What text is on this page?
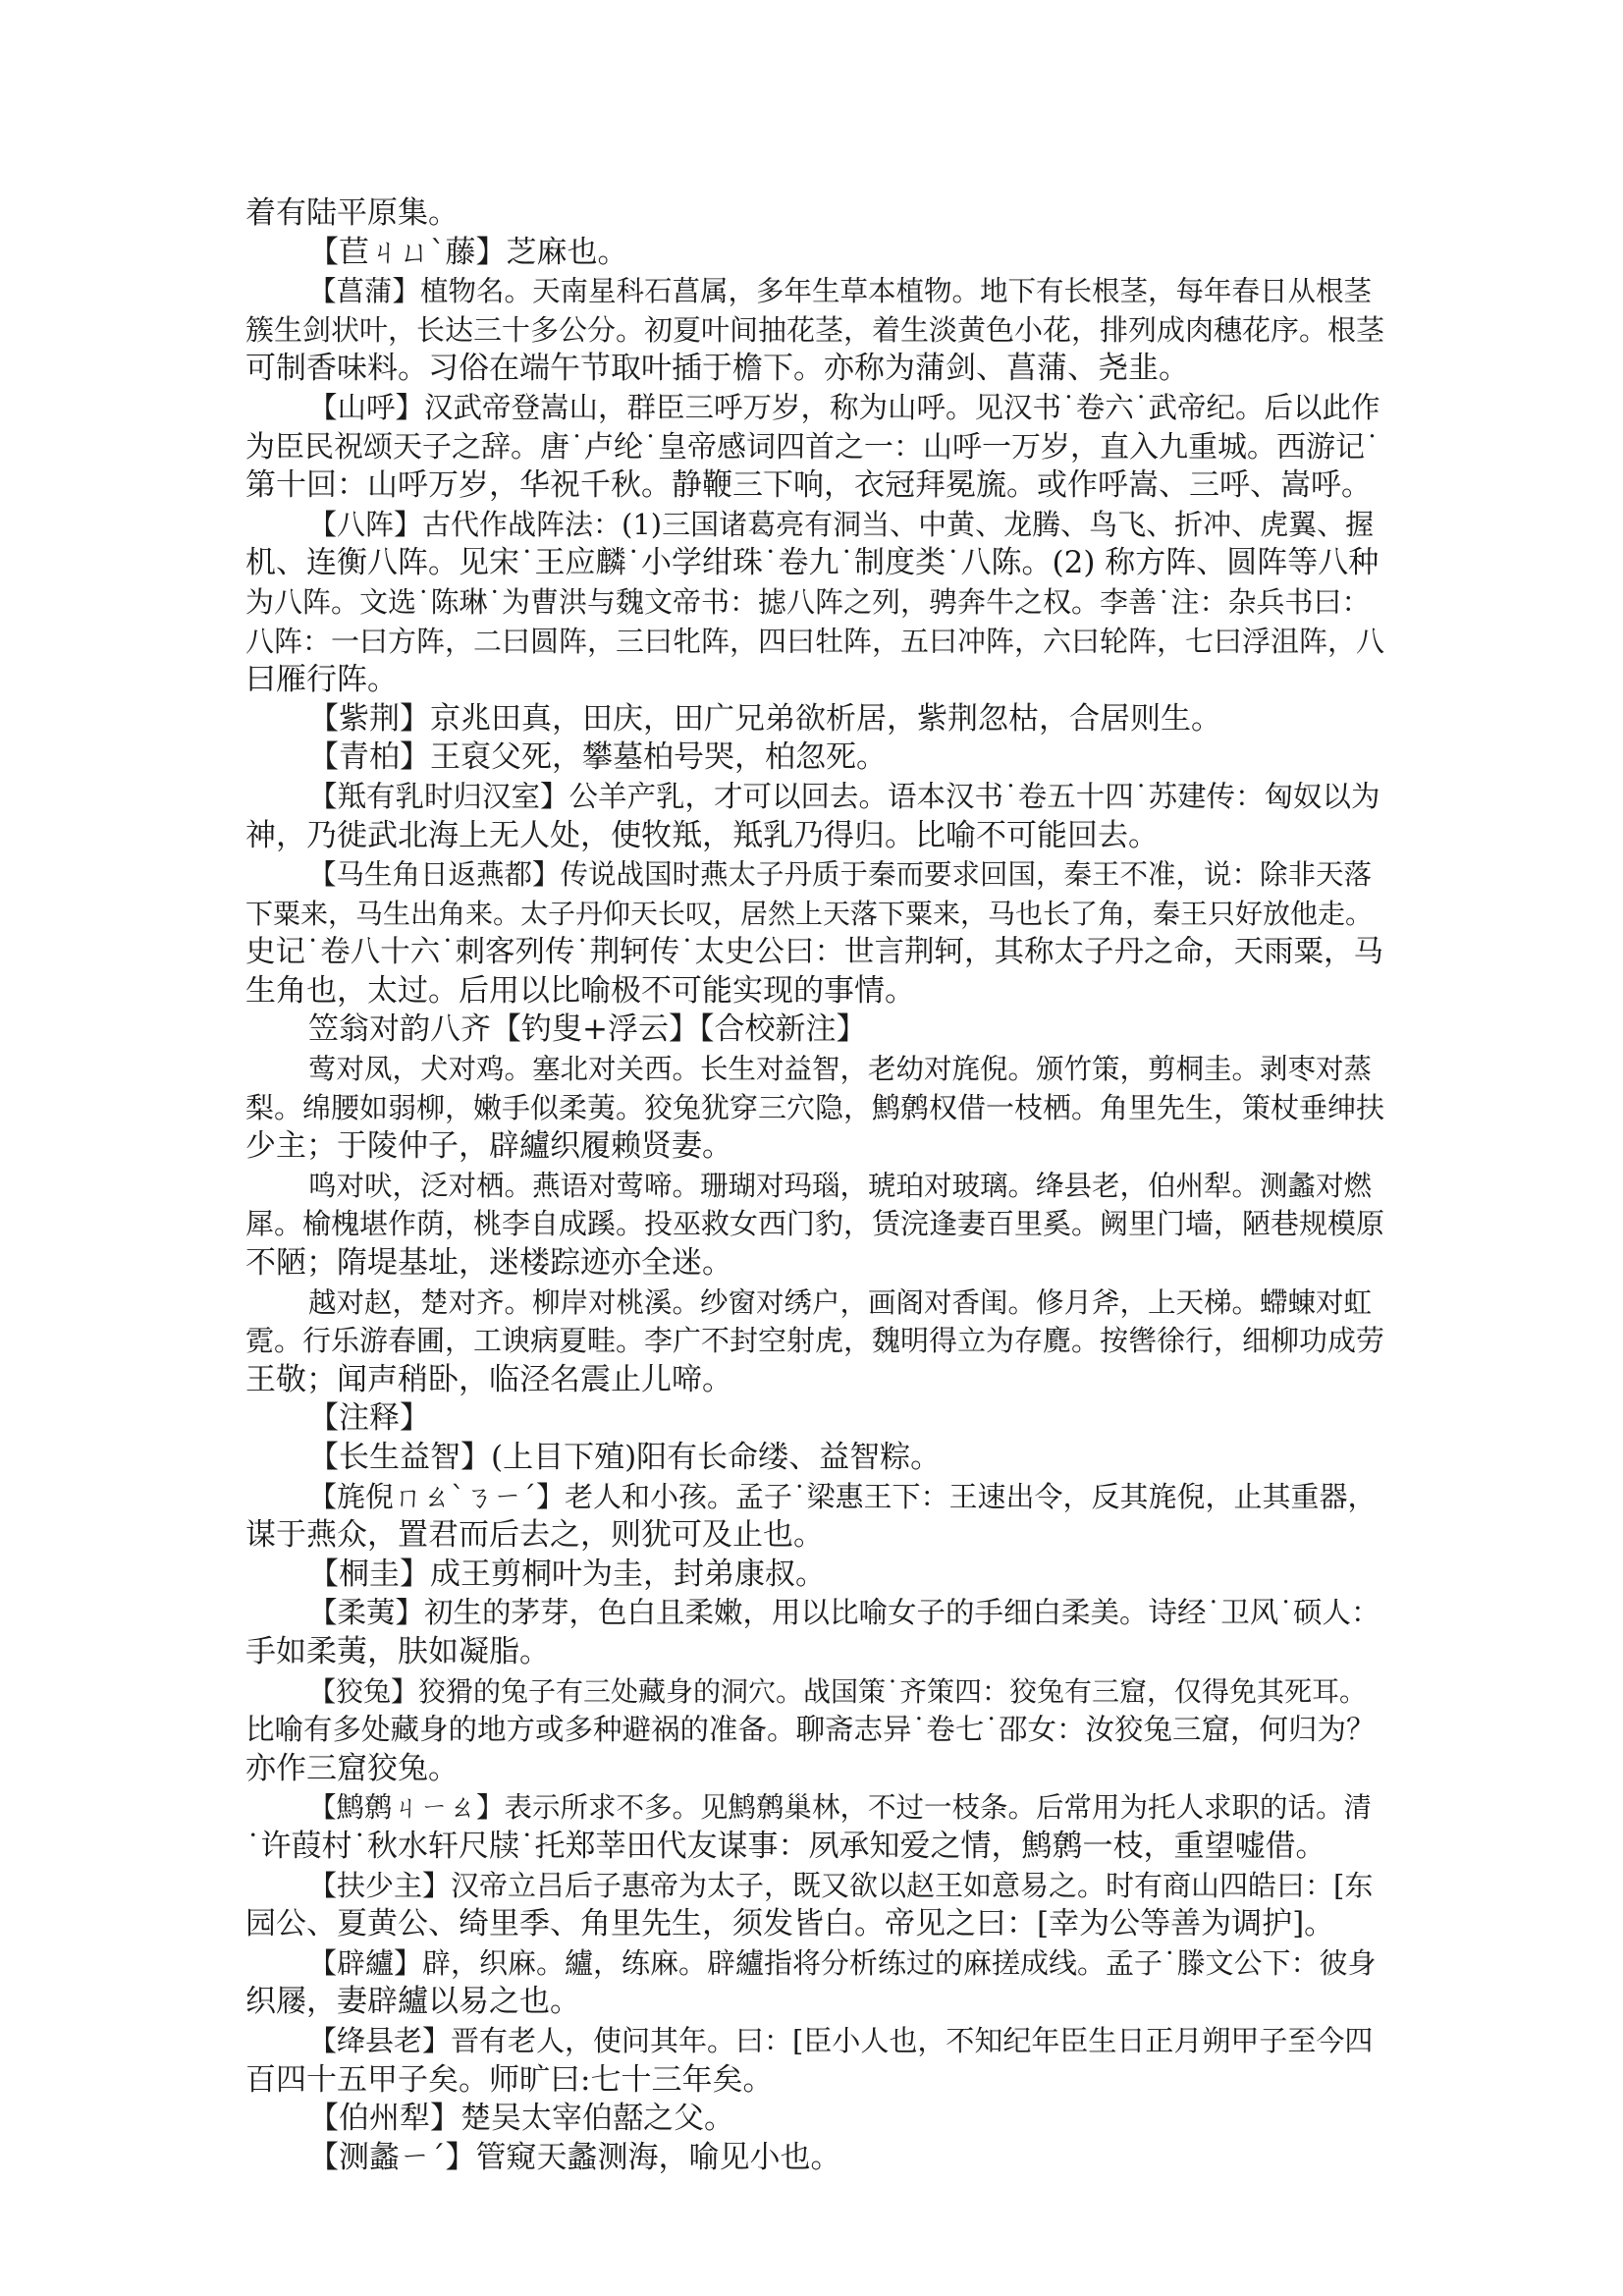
着有陆平原集。
【苣ㄐㄩˋ藤】芝麻也。
【菖蒲】植物名。天南星科石菖属，多年生草本植物。地下有长根茎，每年春日从根茎
簇生剑状叶，长达三十多公分。初夏叶间抽花茎，着生淡黄色小花，排列成肉穗花序。根茎
可制香味料。习俗在端午节取叶插于檐下。亦称为蒲剑、菖蒲、尧韭。
【山呼】汉武帝登嵩山，群臣三呼万岁，称为山呼。见汉书˙卷六˙武帝纪。后以此作
为臣民祝颂天子之辞。唐˙卢纶˙皇帝感词四首之一：山呼一万岁，直入九重城。西游记˙
第十回：山呼万岁，华祝千秋。静鞭三下响，衣冠拜冕旒。或作呼嵩、三呼、嵩呼。
【八阵】古代作战阵法：(1)三国诸葛亮有洞当、中黄、龙腾、鸟飞、折冲、虎翼、握
机、连衡八阵。见宋˙王应麟˙小学绀珠˙卷九˙制度类˙八陈。(2) 称方阵、圆阵等八种
为八阵。文选˙陈琳˙为曹洪与魏文帝书：摅八阵之列，骋奔牛之权。李善˙注：杂兵书曰：
八阵：一曰方阵，二曰圆阵，三曰牝阵，四曰牡阵，五曰冲阵，六曰轮阵，七曰浮沮阵，八
曰雁行阵。
【紫荆】京兆田真，田庆，田广兄弟欲析居，紫荆忽枯，合居则生。
【青柏】王裒父死，攀墓柏号哭，柏忽死。
【羝有乳时归汉室】公羊产乳，才可以回去。语本汉书˙卷五十四˙苏建传：匈奴以为
神，乃徙武北海上无人处，使牧羝，羝乳乃得归。比喻不可能回去。
【马生角日返燕都】传说战国时燕太子丹质于秦而要求回国，秦王不准，说：除非天落
下粟来，马生出角来。太子丹仰天长叹，居然上天落下粟来，马也长了角，秦王只好放他走。
史记˙卷八十六˙刺客列传˙荆轲传˙太史公曰：世言荆轲，其称太子丹之命，天雨粟，马
生角也，太过。后用以比喻极不可能实现的事情。
笠翁对韵八齐【钓叟+浮云】【合校新注】
莺对凤，犬对鸡。塞北对关西。长生对益智，老幼对旄倪。颁竹策，剪桐圭。剥枣对蒸
梨。绵腰如弱柳，嫩手似柔荑。狡兔犹穿三穴隐，鹪鹩权借一枝栖。角里先生，策杖垂绅扶
少主；于陵仲子，辟纑织履赖贤妻。
鸣对吠，泛对栖。燕语对莺啼。珊瑚对玛瑙，琥珀对玻璃。绛县老，伯州犁。测蠡对燃
犀。榆槐堪作荫，桃李自成蹊。投巫救女西门豹，赁浣逢妻百里奚。阙里门墙，陋巷规模原
不陋；隋堤基址，迷楼踪迹亦全迷。
越对赵，楚对齐。柳岸对桃溪。纱窗对绣户，画阁对香闺。修月斧，上天梯。螮蝀对虹
霓。行乐游春圃，工谀病夏畦。李广不封空射虎，魏明得立为存麑。按辔徐行，细柳功成劳
王敬；闻声稍卧，临泾名震止儿啼。
【注释】
【长生益智】(上目下殖)阳有长命缕、益智粽。
【旄倪ㄇㄠˋㄋㄧˊ】老人和小孩。孟子˙梁惠王下：王速出令，反其旄倪，止其重器，
谋于燕众，置君而后去之，则犹可及止也。
【桐圭】成王剪桐叶为圭，封弟康叔。
【柔荑】初生的茅芽，色白且柔嫩，用以比喻女子的手细白柔美。诗经˙卫风˙硕人：
手如柔荑，肤如凝脂。
【狡兔】狡猾的兔子有三处藏身的洞穴。战国策˙齐策四：狡兔有三窟，仅得免其死耳。
比喻有多处藏身的地方或多种避祸的准备。聊斋志异˙卷七˙邵女：汝狡兔三窟，何归为？
亦作三窟狡兔。
【鹪鹩ㄐㄧㄠ】表示所求不多。见鹪鹩巢林，不过一枝条。后常用为托人求职的话。清
˙许葭村˙秋水轩尺牍˙托郑莘田代友谋事：夙承知爱之情，鹪鹩一枝，重望嘘借。
【扶少主】汉帝立吕后子惠帝为太子，既又欲以赵王如意易之。时有商山四皓曰：[东
园公、夏黄公、绮里季、角里先生，须发皆白。帝见之曰：[幸为公等善为调护]。
【辟纑】辟，织麻。纑，练麻。辟纑指将分析练过的麻搓成线。孟子˙滕文公下：彼身
织屦，妻辟纑以易之也。
【绛县老】晋有老人，使问其年。曰：[臣小人也，不知纪年臣生日正月朔甲子至今四
百四十五甲子矣。师旷曰:七十三年矣。
【伯州犁】楚吴太宰伯嚭之父。
【测蠡ㄧˊ】管窥天蠡测海，喻见小也。
